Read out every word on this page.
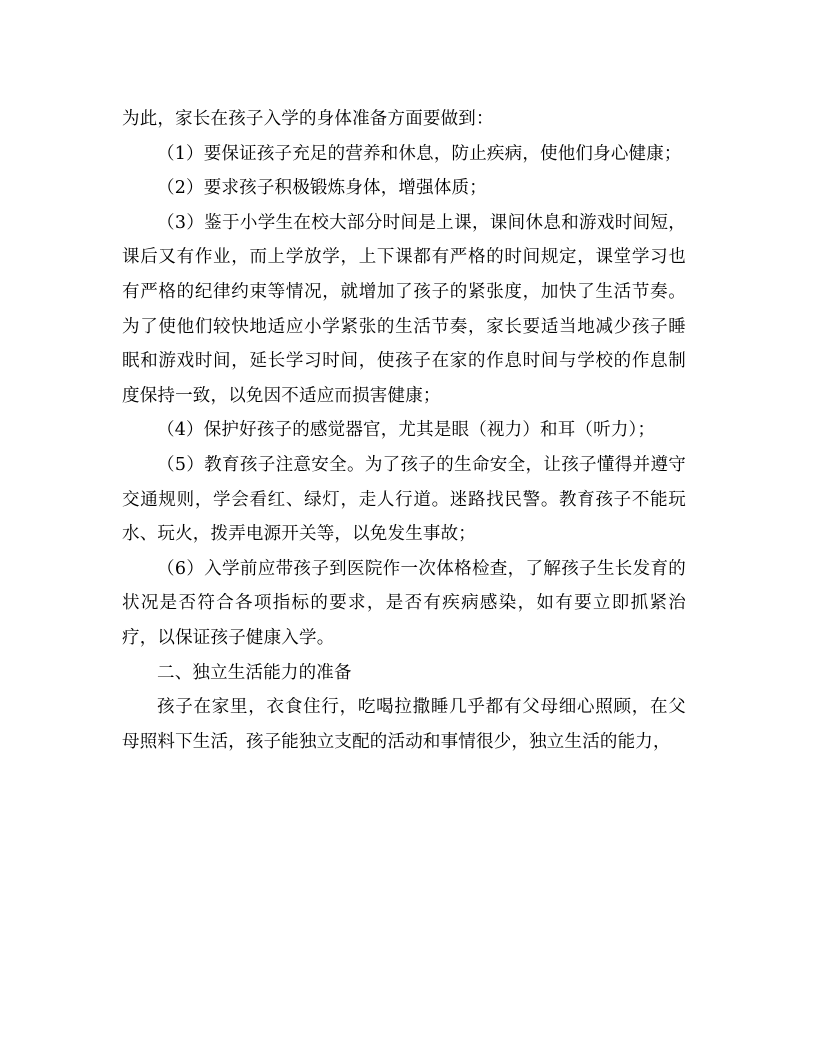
为此，家长在孩子入学的身体准备方面要做到：

（1）要保证孩子充足的营养和休息，防止疾病，使他们身心健康；

（2）要求孩子积极锻炼身体，增强体质；

（3）鉴于小学生在校大部分时间是上课，课间休息和游戏时间短，课后又有作业，而上学放学，上下课都有严格的时间规定，课堂学习也有严格的纪律约束等情况，就增加了孩子的紧张度，加快了生活节奏。为了使他们较快地适应小学紧张的生活节奏，家长要适当地减少孩子睡眠和游戏时间，延长学习时间，使孩子在家的作息时间与学校的作息制度保持一致，以免因不适应而损害健康；

（4）保护好孩子的感觉器官，尤其是眼（视力）和耳（听力）；

（5）教育孩子注意安全。为了孩子的生命安全，让孩子懂得并遵守交通规则，学会看红、绿灯，走人行道。迷路找民警。教育孩子不能玩水、玩火，拨弄电源开关等，以免发生事故；

（6）入学前应带孩子到医院作一次体格检查，了解孩子生长发育的状况是否符合各项指标的要求，是否有疾病感染，如有要立即抓紧治疗，以保证孩子健康入学。

二、独立生活能力的准备

孩子在家里，衣食住行，吃喝拉撒睡几乎都有父母细心照顾，在父母照料下生活，孩子能独立支配的活动和事情很少，独立生活的能力，
